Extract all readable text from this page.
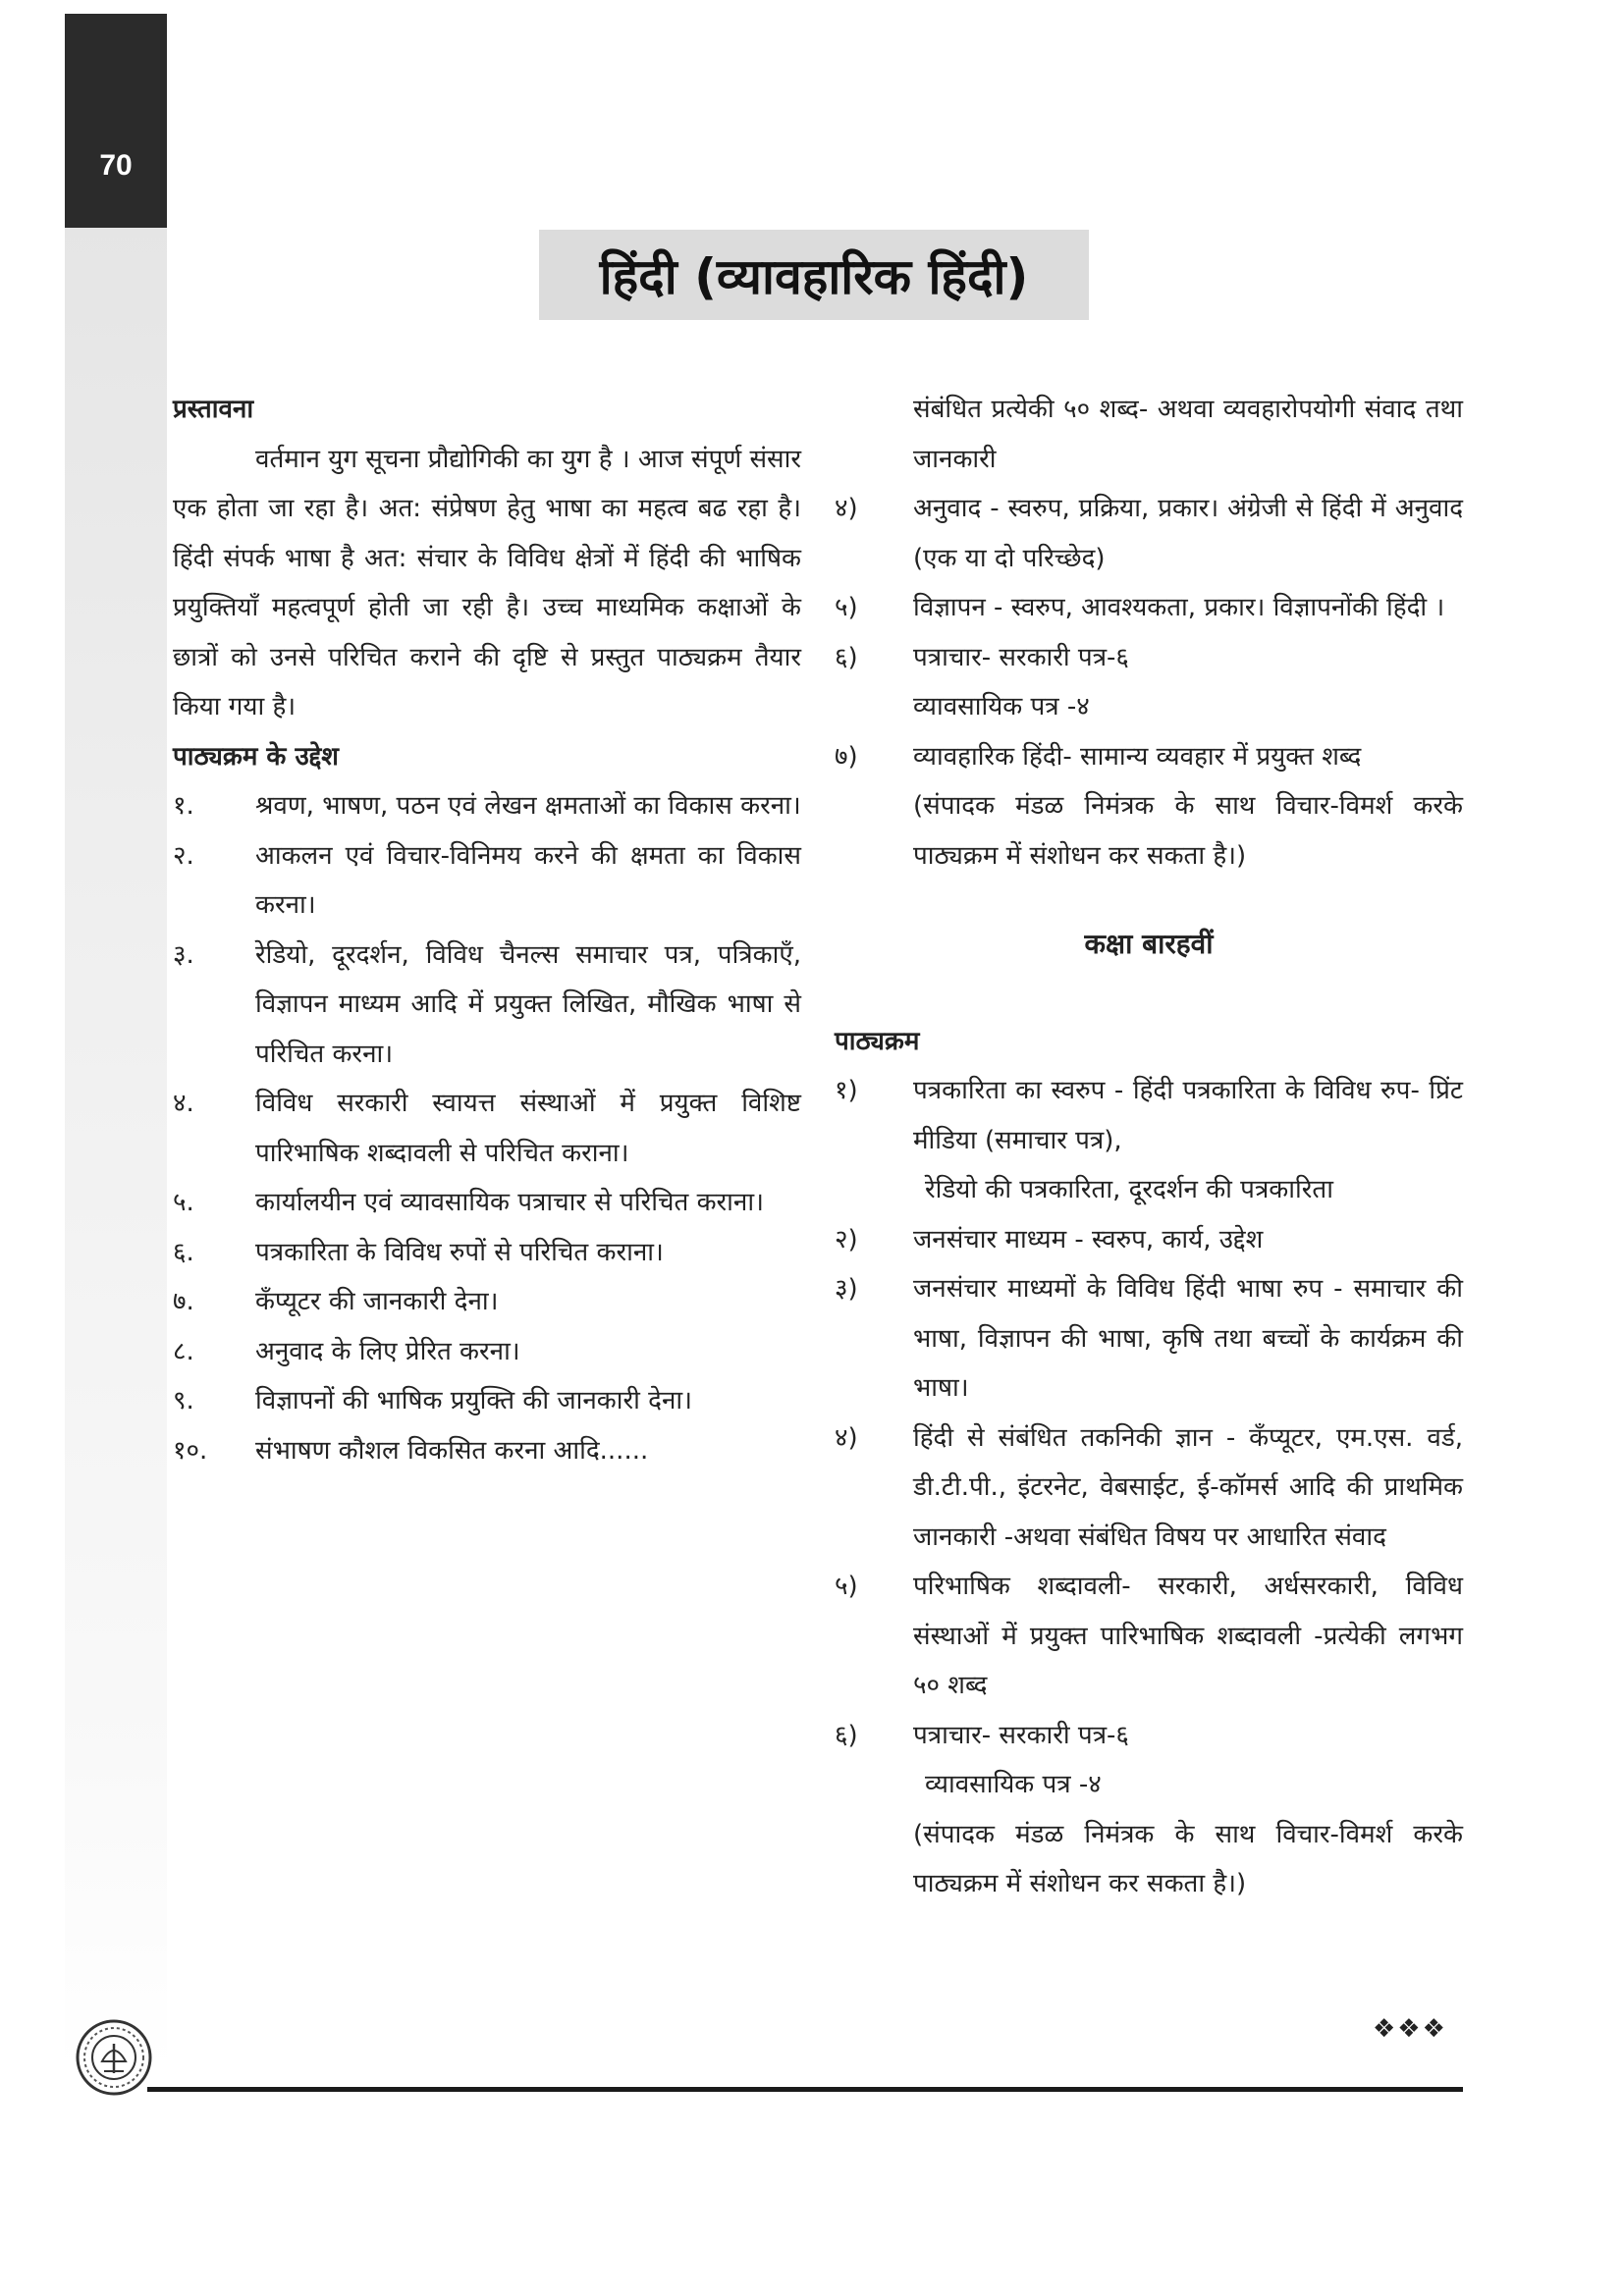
70
हिंदी (व्यावहारिक हिंदी)
प्रस्तावना
वर्तमान युग सूचना प्रौद्योगिकी का युग है । आज संपूर्ण संसार एक होता जा रहा है। अत: संप्रेषण हेतु भाषा का महत्व बढ रहा है। हिंदी संपर्क भाषा है अत: संचार के विविध क्षेत्रों में हिंदी की भाषिक प्रयुक्तियाँ महत्वपूर्ण होती जा रही है। उच्च माध्यमिक कक्षाओं के छात्रों को उनसे परिचित कराने की दृष्टि से प्रस्तुत पाठ्यक्रम तैयार किया गया है।
पाठ्यक्रम के उद्देश
१.	श्रवण, भाषण, पठन एवं लेखन क्षमताओं का विकास करना।
२.	आकलन एवं विचार-विनिमय करने की क्षमता का विकास करना।
३.	रेडियो, दूरदर्शन, विविध चैनल्स समाचार पत्र, पत्रिकाएँ, विज्ञापन माध्यम आदि में प्रयुक्त लिखित, मौखिक भाषा से परिचित करना।
४.	विविध सरकारी स्वायत्त संस्थाओं में प्रयुक्त विशिष्ट पारिभाषिक शब्दावली से परिचित कराना।
५.	कार्यालयीन एवं व्यावसायिक पत्राचार से परिचित कराना।
६.	पत्रकारिता के विविध रुपों से परिचित कराना।
७.	कँप्यूटर की जानकारी देना।
८.	अनुवाद के लिए प्रेरित करना।
९.	विज्ञापनों की भाषिक प्रयुक्ति की जानकारी देना।
१०.	संभाषण कौशल विकसित करना आदि......
संबंधित प्रत्येकी ५० शब्द- अथवा व्यवहारोपयोगी संवाद तथा जानकारी
४)	अनुवाद - स्वरुप, प्रक्रिया, प्रकार। अंग्रेजी से हिंदी में अनुवाद (एक या दो परिच्छेद)
५)	विज्ञापन - स्वरुप, आवश्यकता, प्रकार। विज्ञापनोंकी हिंदी ।
६)	पत्राचार- सरकारी पत्र-६
व्यावसायिक पत्र -४
७)	व्यावहारिक हिंदी- सामान्य व्यवहार में प्रयुक्त शब्द
(संपादक मंडळ निमंत्रक के साथ विचार-विमर्श करके पाठ्यक्रम में संशोधन कर सकता है।)
कक्षा बारहवीं
पाठ्यक्रम
१)	पत्रकारिता का स्वरुप - हिंदी पत्रकारिता के विविध रुप- प्रिंट मीडिया (समाचार पत्र),
रेडियो की पत्रकारिता, दूरदर्शन की पत्रकारिता
२)	जनसंचार माध्यम - स्वरुप, कार्य, उद्देश
३)	जनसंचार माध्यमों के विविध हिंदी भाषा रुप - समाचार की भाषा, विज्ञापन की भाषा, कृषि तथा बच्चों के कार्यक्रम की भाषा।
४)	हिंदी से संबंधित तकनिकी ज्ञान - कँप्यूटर, एम.एस. वर्ड, डी.टी.पी., इंटरनेट, वेबसाईट, ई-कॉमर्स आदि की प्राथमिक जानकारी -अथवा संबंधित विषय पर आधारित संवाद
५)	परिभाषिक शब्दावली- सरकारी, अर्धसरकारी, विविध संस्थाओं में प्रयुक्त पारिभाषिक शब्दावली -प्रत्येकी लगभग ५० शब्द
६)	पत्राचार- सरकारी पत्र-६
व्यावसायिक पत्र -४
(संपादक मंडळ निमंत्रक के साथ विचार-विमर्श करके पाठ्यक्रम में संशोधन कर सकता है।)
❖❖❖
